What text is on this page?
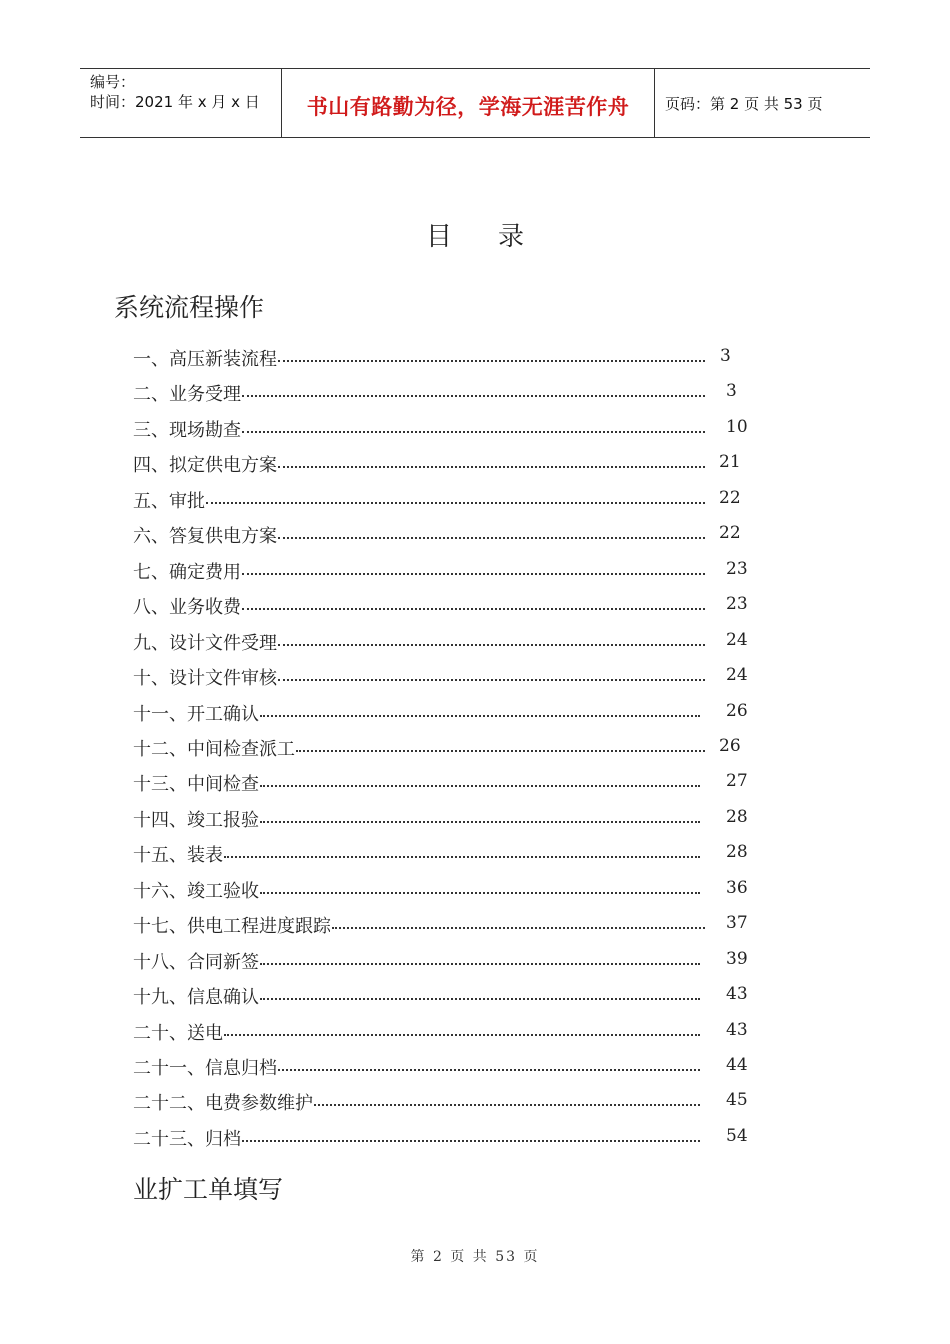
编号：
时间：2021 年 x 月 x 日	书山有路勤为径，学海无涯苦作舟	页码：第 2 页 共 53 页
目录
系统流程操作
一、高压新装流程	3
二、业务受理	3
三、现场勘查	10
四、拟定供电方案	21
五、审批	22
六、答复供电方案	22
七、确定费用	23
八、业务收费	23
九、设计文件受理	24
十、设计文件审核	24
十一、开工确认	26
十二、中间检查派工	26
十三、中间检查	27
十四、竣工报验	28
十五、装表	28
十六、竣工验收	36
十七、供电工程进度跟踪	37
十八、合同新签	39
十九、信息确认	43
二十、送电	43
二十一、信息归档	44
二十二、电费参数维护	45
二十三、归档	54
业扩工单填写
第 2 页 共 53 页
